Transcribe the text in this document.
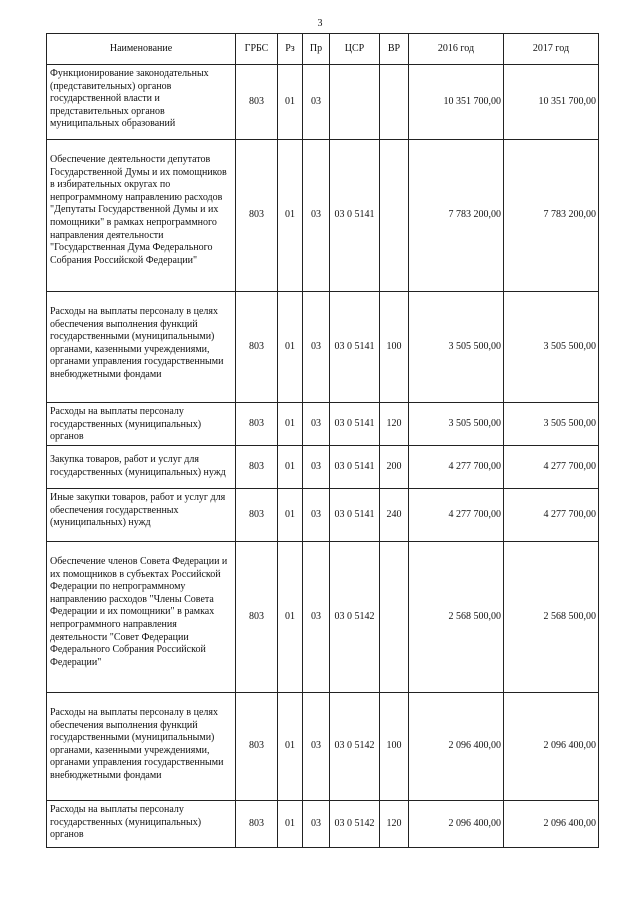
3
Наименование	ГРБС	Рз	Пр	ЦСР	ВР	2016 год	2017 год
Функционирование законодательных (представительных) органов государственной власти и представительных органов муниципальных образований	803	01	03			10 351 700,00	10 351 700,00
Обеспечение деятельности депутатов Государственной Думы и их помощников в избирательных округах по непрограммному направлению расходов "Депутаты Государственной Думы и их помощники" в рамках непрограммного направления деятельности "Государственная Дума Федерального Собрания Российской Федерации"	803	01	03	03 0 5141		7 783 200,00	7 783 200,00
Расходы на выплаты персоналу в целях обеспечения выполнения функций государственными (муниципальными) органами, казенными учреждениями, органами управления государственными внебюджетными фондами	803	01	03	03 0 5141	100	3 505 500,00	3 505 500,00
Расходы на выплаты персоналу государственных (муниципальных) органов	803	01	03	03 0 5141	120	3 505 500,00	3 505 500,00
Закупка товаров, работ и услуг для государственных (муниципальных) нужд	803	01	03	03 0 5141	200	4 277 700,00	4 277 700,00
Иные закупки товаров, работ и услуг для обеспечения государственных (муниципальных) нужд	803	01	03	03 0 5141	240	4 277 700,00	4 277 700,00
Обеспечение членов Совета Федерации и их помощников в субъектах Российской Федерации по непрограммному направлению расходов "Члены Совета Федерации и их помощники" в рамках непрограммного направления деятельности "Совет Федерации Федерального Собрания Российской Федерации"	803	01	03	03 0 5142		2 568 500,00	2 568 500,00
Расходы на выплаты персоналу в целях обеспечения выполнения функций государственными (муниципальными) органами, казенными учреждениями, органами управления государственными внебюджетными фондами	803	01	03	03 0 5142	100	2 096 400,00	2 096 400,00
Расходы на выплаты персоналу государственных (муниципальных) органов	803	01	03	03 0 5142	120	2 096 400,00	2 096 400,00
